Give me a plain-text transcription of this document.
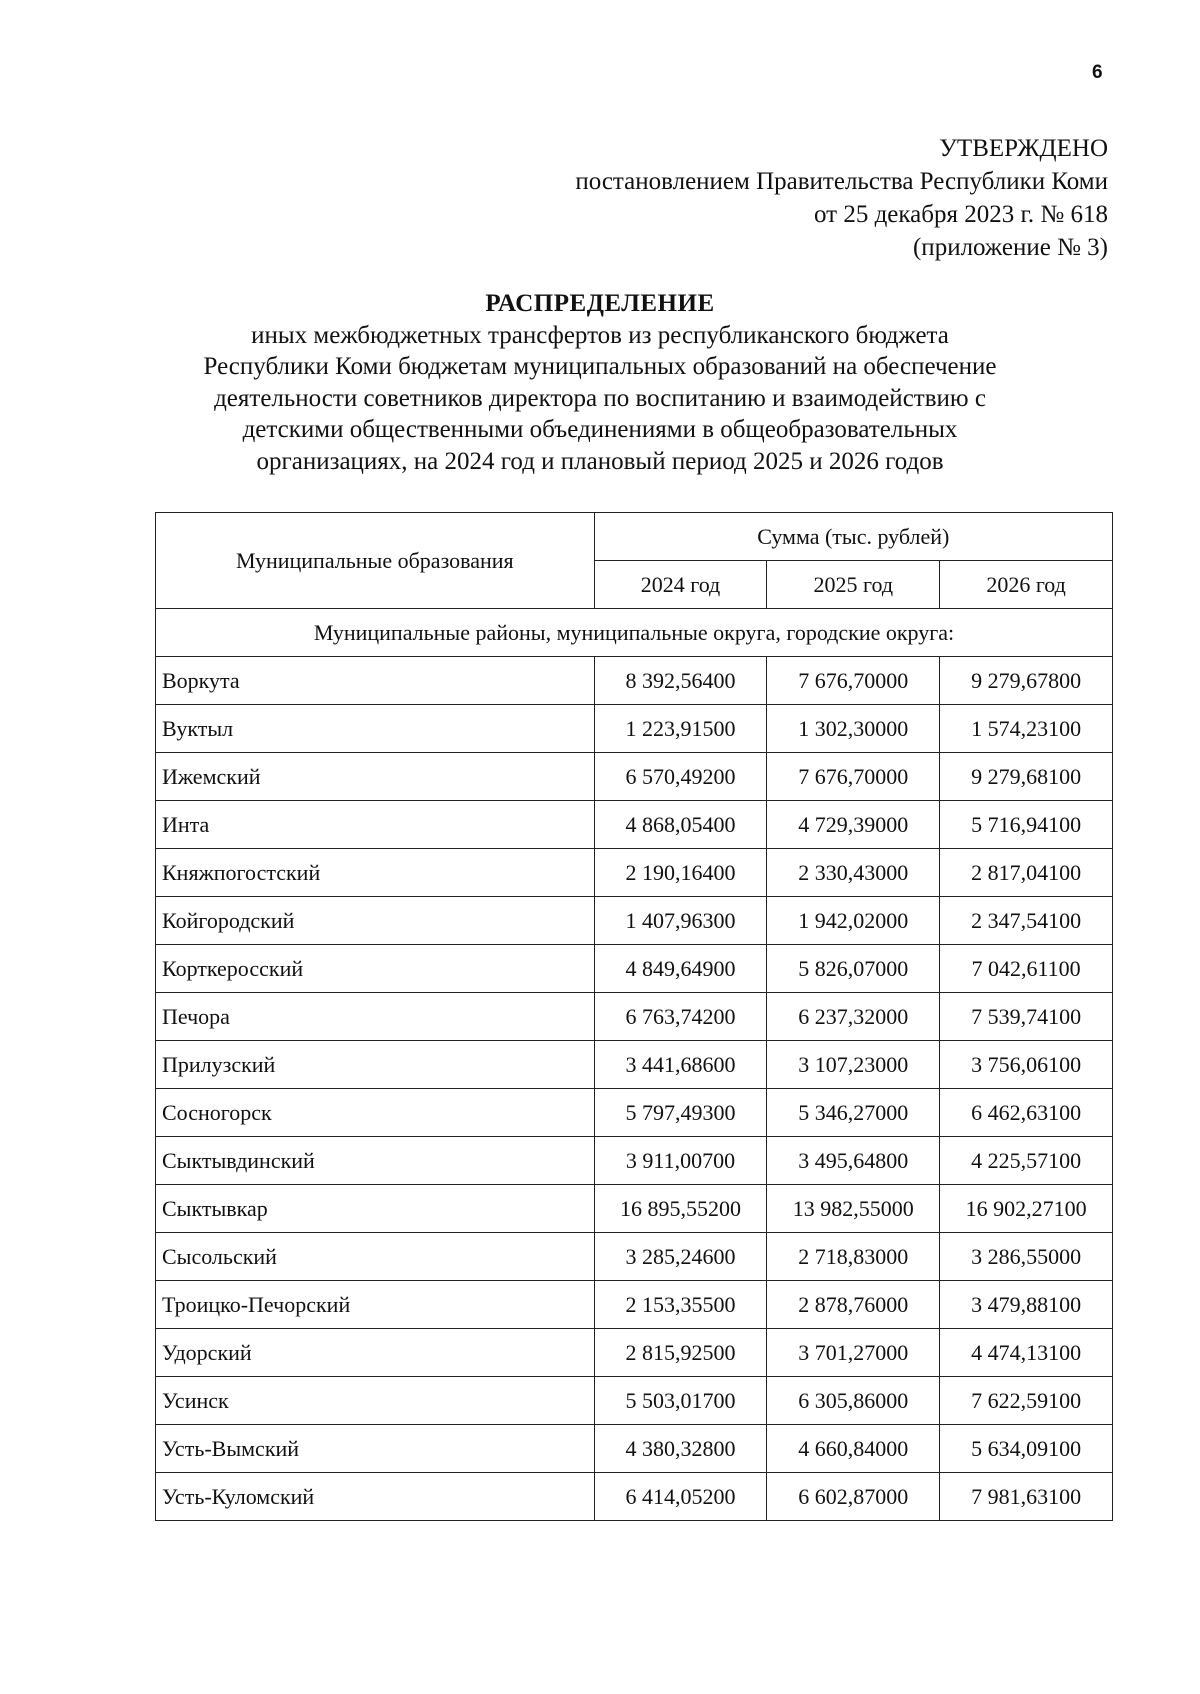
6
УТВЕРЖДЕНО
постановлением Правительства Республики Коми
от 25 декабря 2023 г. № 618
(приложение № 3)
РАСПРЕДЕЛЕНИЕ
иных межбюджетных трансфертов из республиканского бюджета
Республики Коми бюджетам муниципальных образований на обеспечение
деятельности советников директора по воспитанию и взаимодействию с
детскими общественными объединениями в общеобразовательных
организациях, на 2024 год и плановый период 2025 и 2026 годов
Муниципальные образования	Сумма (тыс. рублей)		
	2024 год	2025 год	2026 год
Муниципальные районы, муниципальные округа, городские округа:			
Воркута	8 392,56400	7 676,70000	9 279,67800
Вуктыл	1 223,91500	1 302,30000	1 574,23100
Ижемский	6 570,49200	7 676,70000	9 279,68100
Инта	4 868,05400	4 729,39000	5 716,94100
Княжпогостский	2 190,16400	2 330,43000	2 817,04100
Койгородский	1 407,96300	1 942,02000	2 347,54100
Корткеросский	4 849,64900	5 826,07000	7 042,61100
Печора	6 763,74200	6 237,32000	7 539,74100
Прилузский	3 441,68600	3 107,23000	3 756,06100
Сосногорск	5 797,49300	5 346,27000	6 462,63100
Сыктывдинский	3 911,00700	3 495,64800	4 225,57100
Сыктывкар	16 895,55200	13 982,55000	16 902,27100
Сысольский	3 285,24600	2 718,83000	3 286,55000
Троицко-Печорский	2 153,35500	2 878,76000	3 479,88100
Удорский	2 815,92500	3 701,27000	4 474,13100
Усинск	5 503,01700	6 305,86000	7 622,59100
Усть-Вымский	4 380,32800	4 660,84000	5 634,09100
Усть-Куломский	6 414,05200	6 602,87000	7 981,63100
